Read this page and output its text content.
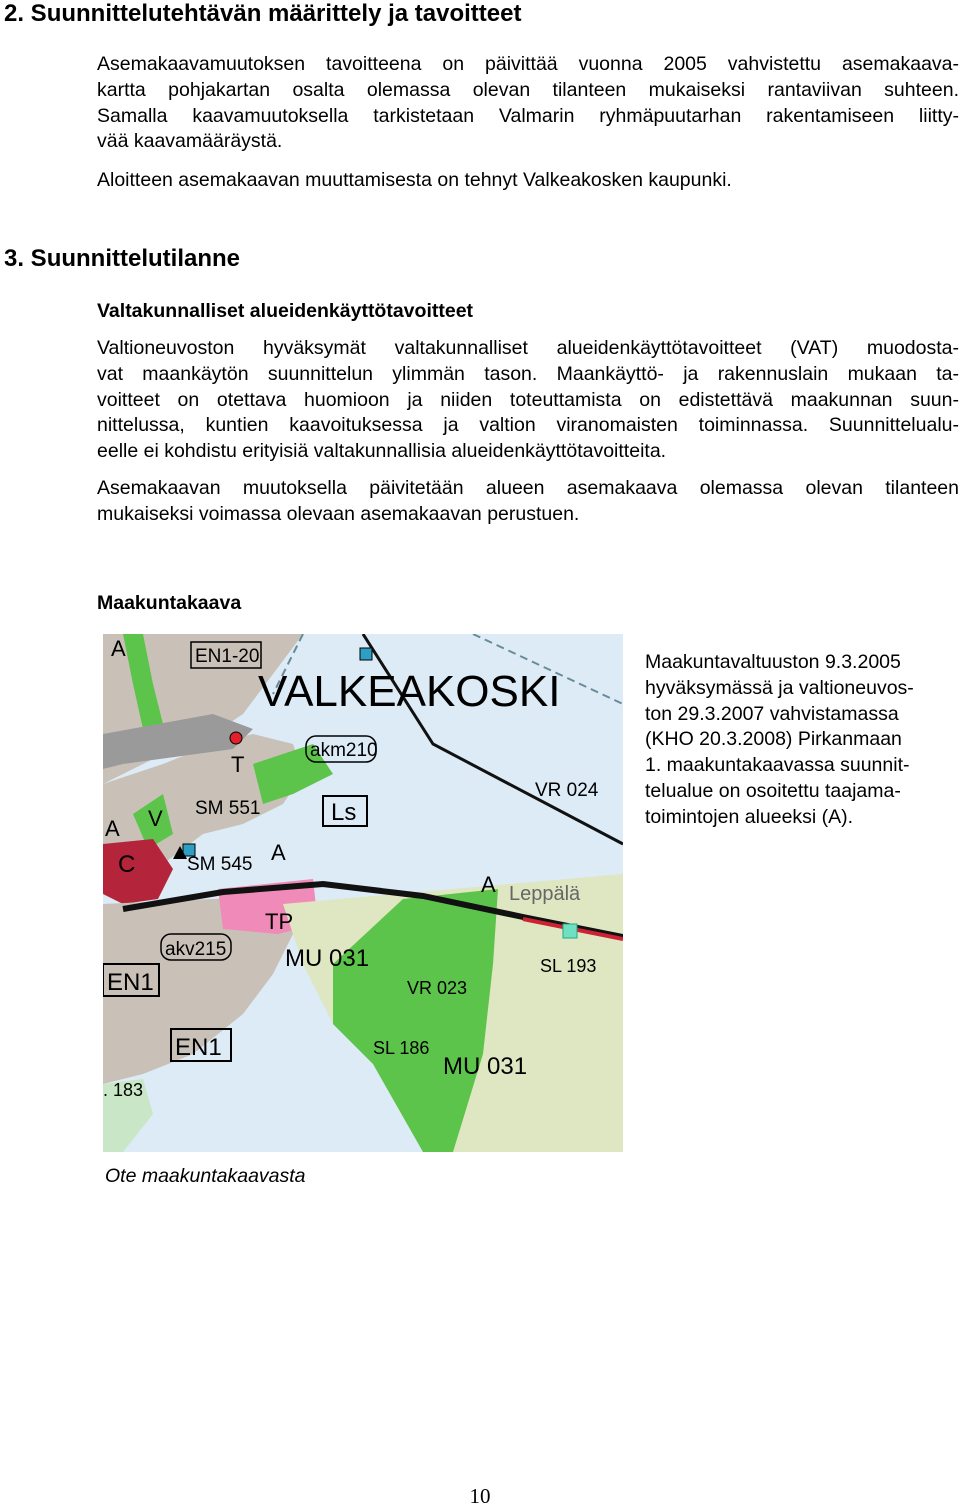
2. Suunnittelutehtävän määrittely ja tavoitteet
Asemakaavamuutoksen tavoitteena on päivittää vuonna 2005 vahvistettu asemakaava-
kartta pohjakartan osalta olemassa olevan tilanteen mukaiseksi rantaviivan suhteen.
Samalla kaavamuutoksella tarkistetaan Valmarin ryhmäpuutarhan rakentamiseen liitty-
vää kaavamääräystä.

Aloitteen asemakaavan muuttamisesta on tehnyt Valkeakosken kaupunki.

3. Suunnittelutilanne
Valtakunnalliset alueidenkäyttötavoitteet
Valtioneuvoston hyväksymät valtakunnalliset alueidenkäyttötavoitteet (VAT) muodosta-
vat maankäytön suunnittelun ylimmän tason. Maankäyttö- ja rakennuslain mukaan ta-
voitteet on otettava huomioon ja niiden toteuttamista on edistettävä maakunnan suun-
nittelussa, kuntien kaavoituksessa ja valtion viranomaisten toiminnassa. Suunnittelualu-
eelle ei kohdistu erityisiä valtakunnallisia alueidenkäyttötavoitteita.
Asemakaavan muutoksella päivitetään alueen asemakaava olemassa olevan tilanteen
mukaiseksi voimassa olevaan asemakaavan perustuen.
Maakuntakaava
VALKEAKOSKI
EN1-20
A
akm210
T
SM 551	Ls
VR 024
A V
C	SM 545 A
A Leppälä
TP
akv215 MU 031
VR 023
SL 193
EN1
EN1	SL 186
MU 031
. 183
Maakuntavaltuuston 9.3.2005
hyväksymässä ja valtioneuvos-
ton 29.3.2007 vahvistamassa
(KHO 20.3.2008) Pirkanmaan
1. maakuntakaavassa suunnit-
telualue on osoitettu taajama-
toimintojen alueeksi (A).

Ote maakuntakaavasta

10
